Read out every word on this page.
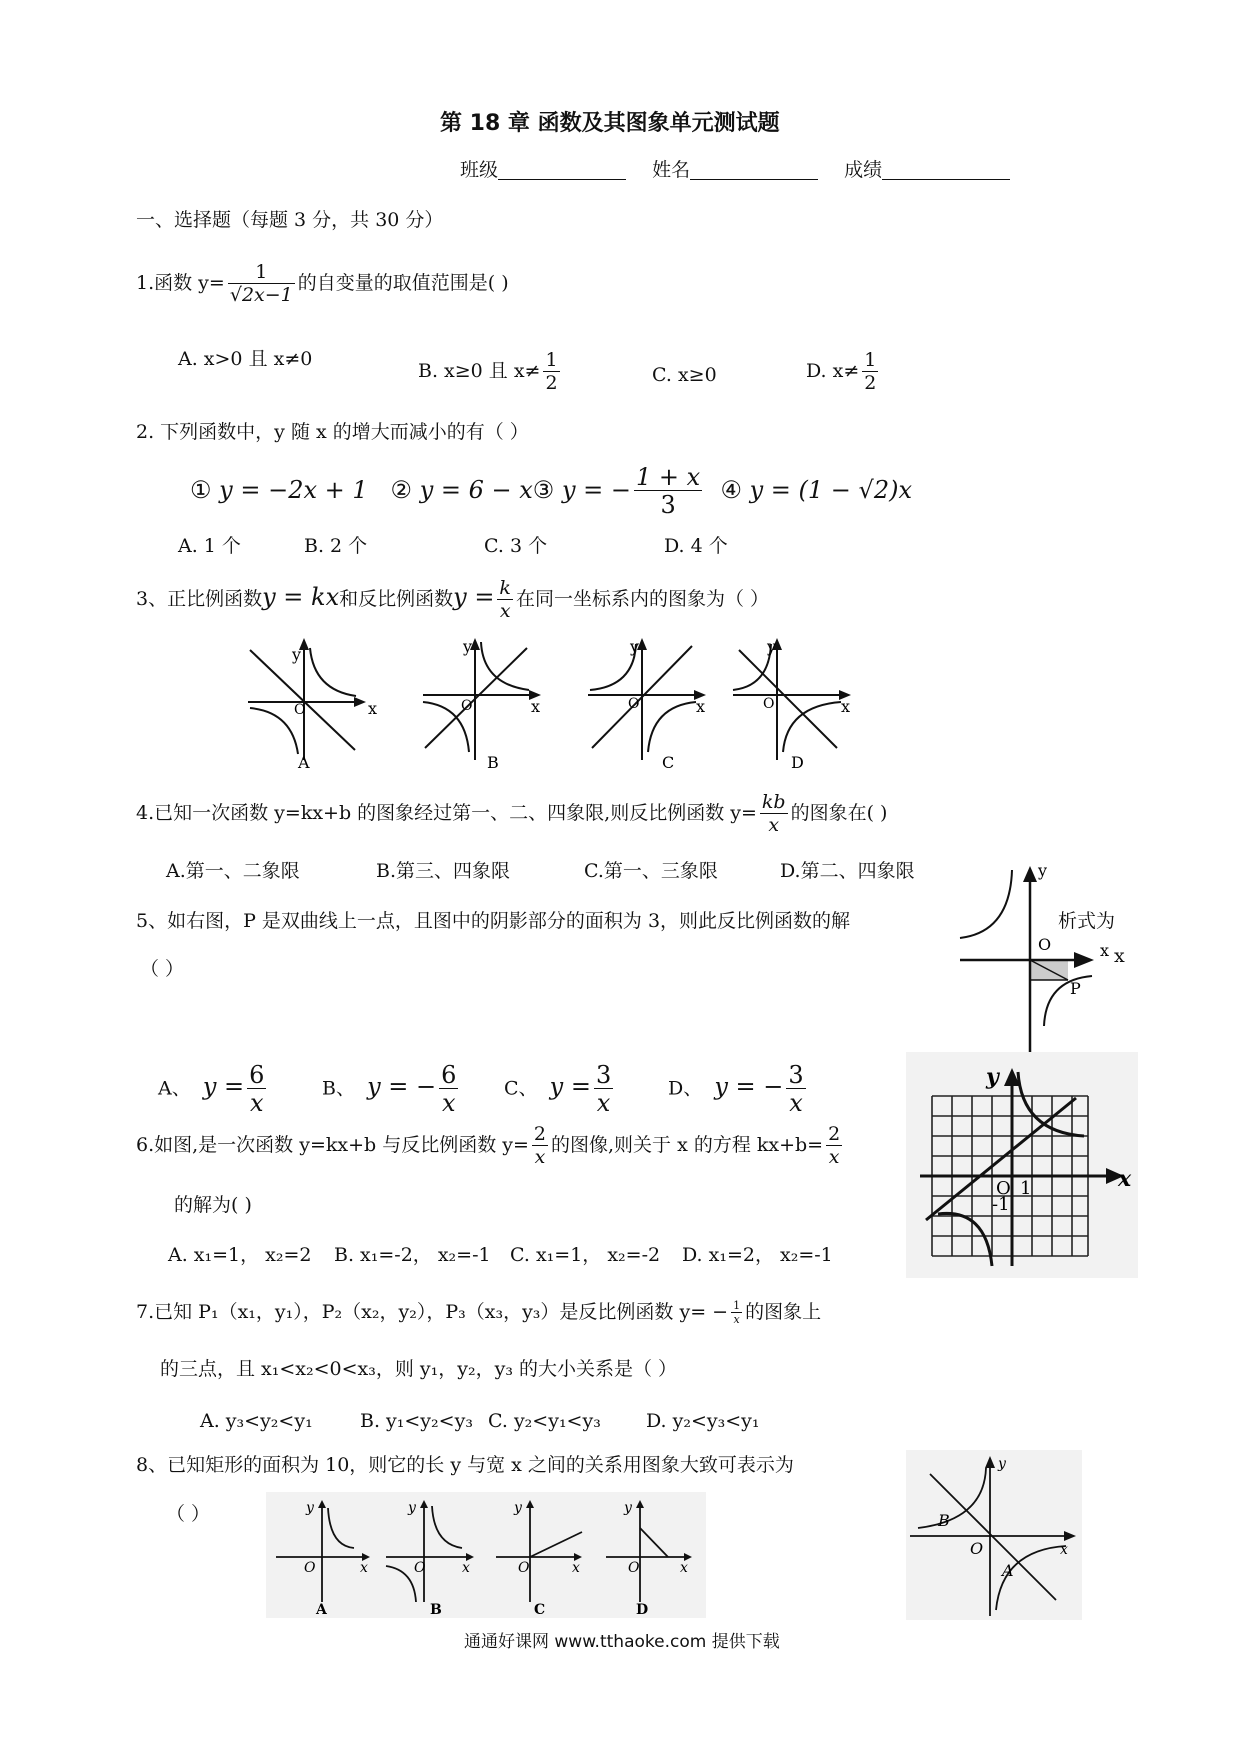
第 18 章 函数及其图象单元测试题
班级	姓名	成绩
一、选择题（每题 3 分，共 30 分）
1.函数 $y= \frac{1}{√2x-1}$ 的自变量的取值范围是( )
A. x>0 且 x≠0
B. x≥0 且 $x\ne \frac{1}{2}$	C. x≥0	D. $x\ne \frac{1}{2}$
2. 下列函数中，y 随 x 的增大而减小的有（ ）
① y = −2x + 1 ② y = 6 − x③ y = − $\frac{1 + x}{3}$ ④ y = (1 − √2)x
A. 1 个	B. 2 个	C. 3 个	D. 4 个
3、正比例函数y = kx和反比例函数$y = \frac{k}{x}$ 在同一坐标系内的图象为（ ）
y
x
O
A
y
x
O
B
y
x
O
C
y
x
O
D
4.已知一次函数 y=kx+b 的图象经过第一、二、四象限,则反比例函数 $y= \frac{kb}{x}$ 的图象在( )
A.第一、二象限	B.第三、四象限	C.第一、三象限	D.第二、四象限
5、如右图，P 是双曲线上一点，且图中的阴影部分的面积为 3，则此反比例函数的解	析式为
（ ）
y
O	x
P
x
A、 $y = \frac{6}{x}$	B、 y = − $\frac{6}{x}$ C、 $y = \frac{3}{x}$	D、 y = − $\frac{3}{x}$
6.如图,是一次函数 y=kx+b 与反比例函数 $y= \frac{2}{x}$ 的图像,则关于 x 的方程 $kx+b= \frac{2}{x}$
的解为( )
A. x₁=1， x₂=2 B. x₁=-2， x₂=-1 C. x₁=1， x₂=-2 D. x₁=2， x₂=-1
y
x
O 1
-1
7.已知 P₁（x₁，y₁），P₂（x₂，y₂），P₃（x₃，y₃）是反比例函数 $y= - \frac{1}{x}$ 的图象上
的三点，且 x₁<x₂<0<x₃，则 y₁，y₂，y₃ 的大小关系是（ ）
A. y₃<y₂<y₁ B. y₁<y₂<y₃ C. y₂<y₁<y₃ D. y₂<y₃<y₁
8、已知矩形的面积为 10，则它的长 y 与宽 x 之间的关系用图象大致可表示为
（ ）	y
O	x
A
y
O	x
B
y
O	x
C
y
O	x
D
y
O	x
B
A
通通好课网 www.tthaoke.com 提供下载
